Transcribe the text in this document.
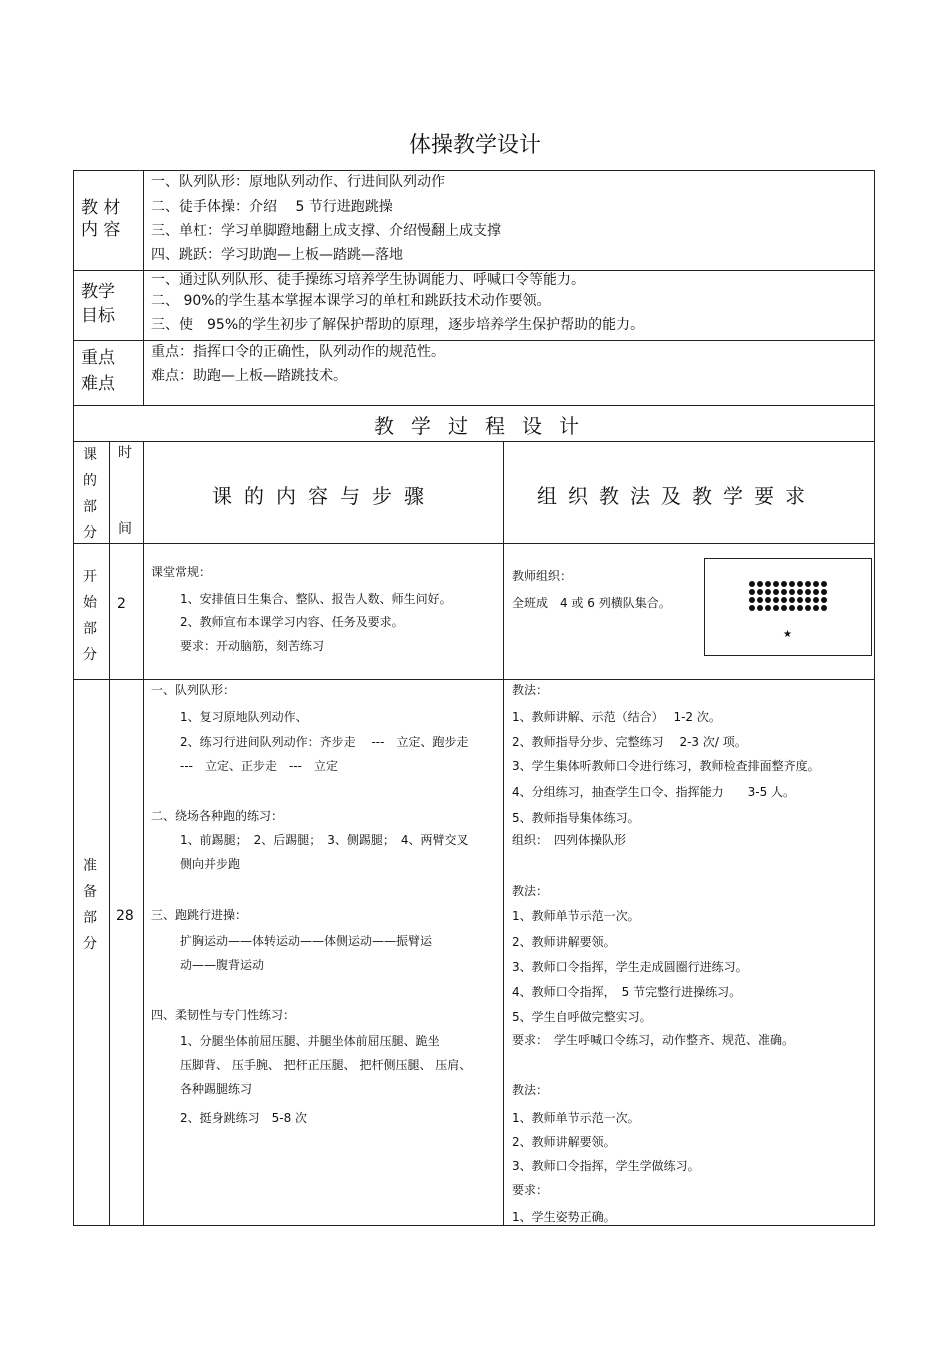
体操教学设计
教 材
内 容
一、队列队形：原地队列动作、行进间队列动作
二、徒手体操：介绍　 5 节行进跑跳操
三、单杠：学习单脚蹬地翻上成支撑、介绍慢翻上成支撑
四、跳跃：学习助跑—上板—踏跳—落地
教学
目标
一、通过队列队形、徒手操练习培养学生协调能力、呼喊口令等能力。
二、 90%的学生基本掌握本课学习的单杠和跳跃技术动作要领。
三、使　95%的学生初步了解保护帮助的原理，逐步培养学生保护帮助的能力。
重点
难点
重点：指挥口令的正确性，队列动作的规范性。
难点：助跑—上板—踏跳技术。
教学过程设计
课
的
部
分
时
间
课的内容与步骤	组织教法及教学要求
开
始
部
分
2
课堂常规：
1、安排值日生集合、整队、报告人数、师生问好。
2、教师宣布本课学习内容、任务及要求。
要求：开动脑筋，刻苦练习
教师组织：
全班成　4 或 6 列横队集合。
★
准
备
部
分
28
一、队列队形：
1、复习原地队列动作、
2、练习行进间队列动作：齐步走　 ---　立定、跑步走
---　立定、正步走　---　立定
二、绕场各种跑的练习：
1、前踢腿；　2、后踢腿；　3、侧踢腿；　4、两臂交叉
侧向并步跑
三、跑跳行进操：
扩胸运动——体转运动——体侧运动——振臂运
动——腹背运动
四、柔韧性与专门性练习：
1、分腿坐体前屈压腿、并腿坐体前屈压腿、跪坐
压脚背、 压手腕、 把杆正压腿、 把杆侧压腿、 压肩、
各种踢腿练习
2、挺身跳练习　5-8 次
教法：
1、教师讲解、示范（结合）　 1-2 次。
2、教师指导分步、完整练习　 2-3 次/ 项。
3、学生集体听教师口令进行练习，教师检查排面整齐度。
4、分组练习，抽查学生口令、指挥能力　　3-5 人。
5、教师指导集体练习。
组织：　四列体操队形
教法：
1、教师单节示范一次。
2、教师讲解要领。
3、教师口令指挥，学生走成圆圈行进练习。
4、教师口令指挥，　5 节完整行进操练习。
5、学生自呼做完整实习。
要求：　学生呼喊口令练习，动作整齐、规范、准确。
教法：
1、教师单节示范一次。
2、教师讲解要领。
3、教师口令指挥，学生学做练习。
要求：
1、学生姿势正确。
